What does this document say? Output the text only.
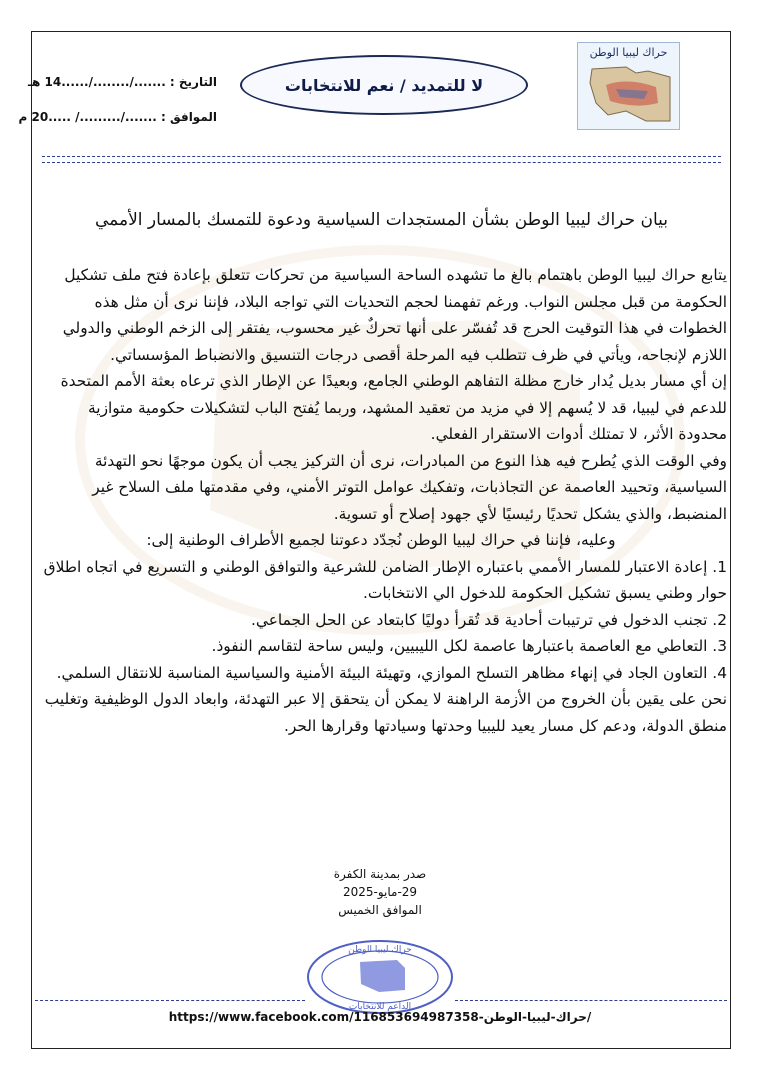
حراك ليبيا الوطن
لا للتمديد / نعم للانتخابات
التاريخ : ......./......../......14 هـ
الموافق : ......./........./ .....20 م
بيان حراك ليبيا الوطن بشأن المستجدات السياسية ودعوة للتمسك بالمسار الأممي

يتابع حراك ليبيا الوطن باهتمام بالغ ما تشهده الساحة السياسية من تحركات تتعلق بإعادة فتح ملف تشكيل الحكومة من قبل مجلس النواب. ورغم تفهمنا لحجم التحديات التي تواجه البلاد، فإننا نرى أن مثل هذه الخطوات في هذا التوقيت الحرج قد تُفسّر على أنها تحركٌ غير محسوب، يفتقر إلى الزخم الوطني والدولي اللازم لإنجاحه، ويأتي في ظرف تتطلب فيه المرحلة أقصى درجات التنسيق والانضباط المؤسساتي.

إن أي مسار بديل يُدار خارج مظلة التفاهم الوطني الجامع، وبعيدًا عن الإطار الذي ترعاه بعثة الأمم المتحدة للدعم في ليبيا، قد لا يُسهم إلا في مزيد من تعقيد المشهد، وربما يُفتح الباب لتشكيلات حكومية متوازية محدودة الأثر، لا تمتلك أدوات الاستقرار الفعلي.

وفي الوقت الذي يُطرح فيه هذا النوع من المبادرات، نرى أن التركيز يجب أن يكون موجهًا نحو التهدئة السياسية، وتحييد العاصمة عن التجاذبات، وتفكيك عوامل التوتر الأمني، وفي مقدمتها ملف السلاح غير المنضبط، والذي يشكل تحديًا رئيسيًا لأي جهود إصلاح أو تسوية.

وعليه، فإننا في حراك ليبيا الوطن نُجدّد دعوتنا لجميع الأطراف الوطنية إلى:

1. إعادة الاعتبار للمسار الأممي باعتباره الإطار الضامن للشرعية والتوافق الوطني و التسريع في اتجاه اطلاق حوار وطني يسبق تشكيل الحكومة للدخول الي الانتخابات.
2. تجنب الدخول في ترتيبات أحادية قد تُقرأ دوليًا كابتعاد عن الحل الجماعي.
3. التعاطي مع العاصمة باعتبارها عاصمة لكل الليبيين، وليس ساحة لتقاسم النفوذ.
4. التعاون الجاد في إنهاء مظاهر التسلح الموازي، وتهيئة البيئة الأمنية والسياسية المناسبة للانتقال السلمي.

نحن على يقين بأن الخروج من الأزمة الراهنة لا يمكن أن يتحقق إلا عبر التهدئة، وابعاد الدول الوظيفية وتغليب منطق الدولة، ودعم كل مسار يعيد لليبيا وحدتها وسيادتها وقرارها الحر.

صدر بمدينة الكفرة
29-مايو-2025
الموافق الخميس
حراك ليبيا الوطن
الداعم للانتخابات
https://www.facebook.com/116853694987358-حراك-ليبيا-الوطن/
